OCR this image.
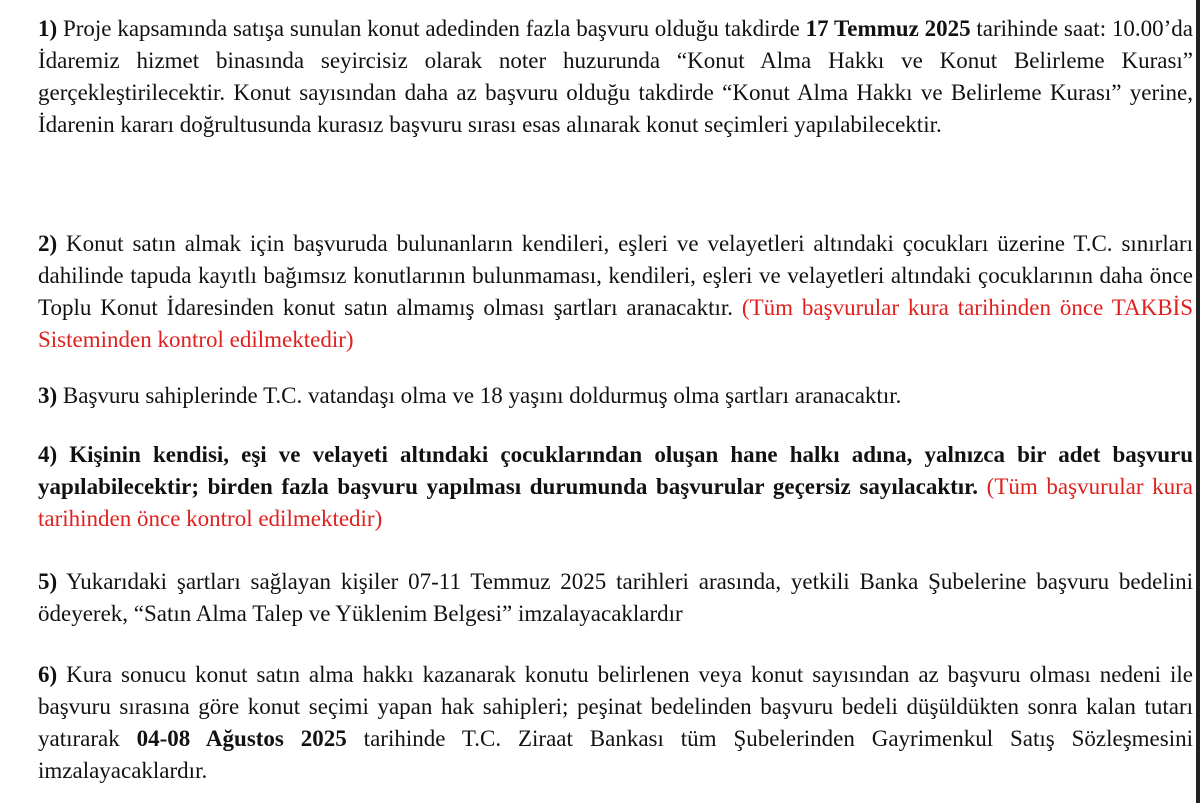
1) Proje kapsamında satışa sunulan konut adedinden fazla başvuru olduğu takdirde 17 Temmuz 2025 tarihinde saat: 10.00’da İdaremiz hizmet binasında seyircisiz olarak noter huzurunda “Konut Alma Hakkı ve Konut Belirleme Kurası” gerçekleştirilecektir. Konut sayısından daha az başvuru olduğu takdirde “Konut Alma Hakkı ve Belirleme Kurası” yerine, İdarenin kararı doğrultusunda kurasız başvuru sırası esas alınarak konut seçimleri yapılabilecektir.

2) Konut satın almak için başvuruda bulunanların kendileri, eşleri ve velayetleri altındaki çocukları üzerine T.C. sınırları dahilinde tapuda kayıtlı bağımsız konutlarının bulunmaması, kendileri, eşleri ve velayetleri altındaki çocuklarının daha önce Toplu Konut İdaresinden konut satın almamış olması şartları aranacaktır. (Tüm başvurular kura tarihinden önce TAKBİS Sisteminden kontrol edilmektedir)

3) Başvuru sahiplerinde T.C. vatandaşı olma ve 18 yaşını doldurmuş olma şartları aranacaktır.

4) Kişinin kendisi, eşi ve velayeti altındaki çocuklarından oluşan hane halkı adına, yalnızca bir adet başvuru yapılabilecektir; birden fazla başvuru yapılması durumunda başvurular geçersiz sayılacaktır. (Tüm başvurular kura tarihinden önce kontrol edilmektedir)

5) Yukarıdaki şartları sağlayan kişiler 07-11 Temmuz 2025 tarihleri arasında, yetkili Banka Şubelerine başvuru bedelini ödeyerek, “Satın Alma Talep ve Yüklenim Belgesi” imzalayacaklardır

6) Kura sonucu konut satın alma hakkı kazanarak konutu belirlenen veya konut sayısından az başvuru olması nedeni ile başvuru sırasına göre konut seçimi yapan hak sahipleri; peşinat bedelinden başvuru bedeli düşüldükten sonra kalan tutarı yatırarak 04-08 Ağustos 2025 tarihinde T.C. Ziraat Bankası tüm Şubelerinden Gayrimenkul Satış Sözleşmesini imzalayacaklardır.
